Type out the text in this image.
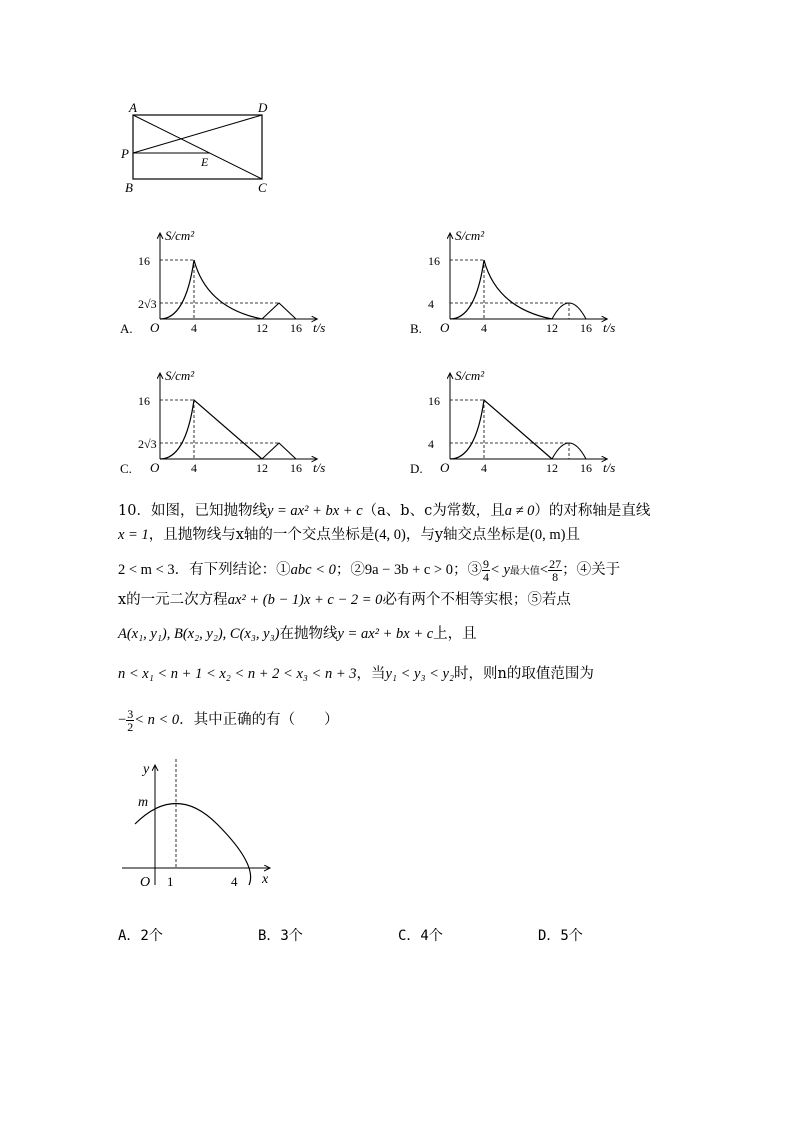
A	D
P
E
B	C
S/cm²
16
2√3
O	4	12 16 t/s
A.
S/cm²
16
4
O	4	12 16 t/s
B.
S/cm²
16
2√3
O	4	12 16 t/s
C.
S/cm²
16
4
O	4	12 16 t/s
D.
10．如图，已知抛物线y = ax² + bx + c（a、b、c为常数，且a ≠ 0）的对称轴是直线
x = 1，且抛物线与x轴的一个交点坐标是(4, 0)，与y轴交点坐标是(0, m)且
2 < m < 3．有下列结论：①abc < 0；②9a − 3b + c > 0；③ $\frac{9}{4} < y$最大值< $\frac{27}{8}$ ；④关于
x的一元二次方程ax² + (b − 1)x + c − 2 = 0必有两个不相等实根；⑤若点
A(x₁, y₁), B(x₂, y₂), C(x₃, y₃)在抛物线y = ax² + bx + c上，且
n < x₁ < n + 1 < x₂ < n + 2 < x₃ < n + 3，当y₁ < y₃ < y₂时，则n的取值范围为
− $\frac{3}{2} < n < 0$．其中正确的有（　　）
y
m
O 1	4 x
A．2个	B．3个	C．4个	D．5个
